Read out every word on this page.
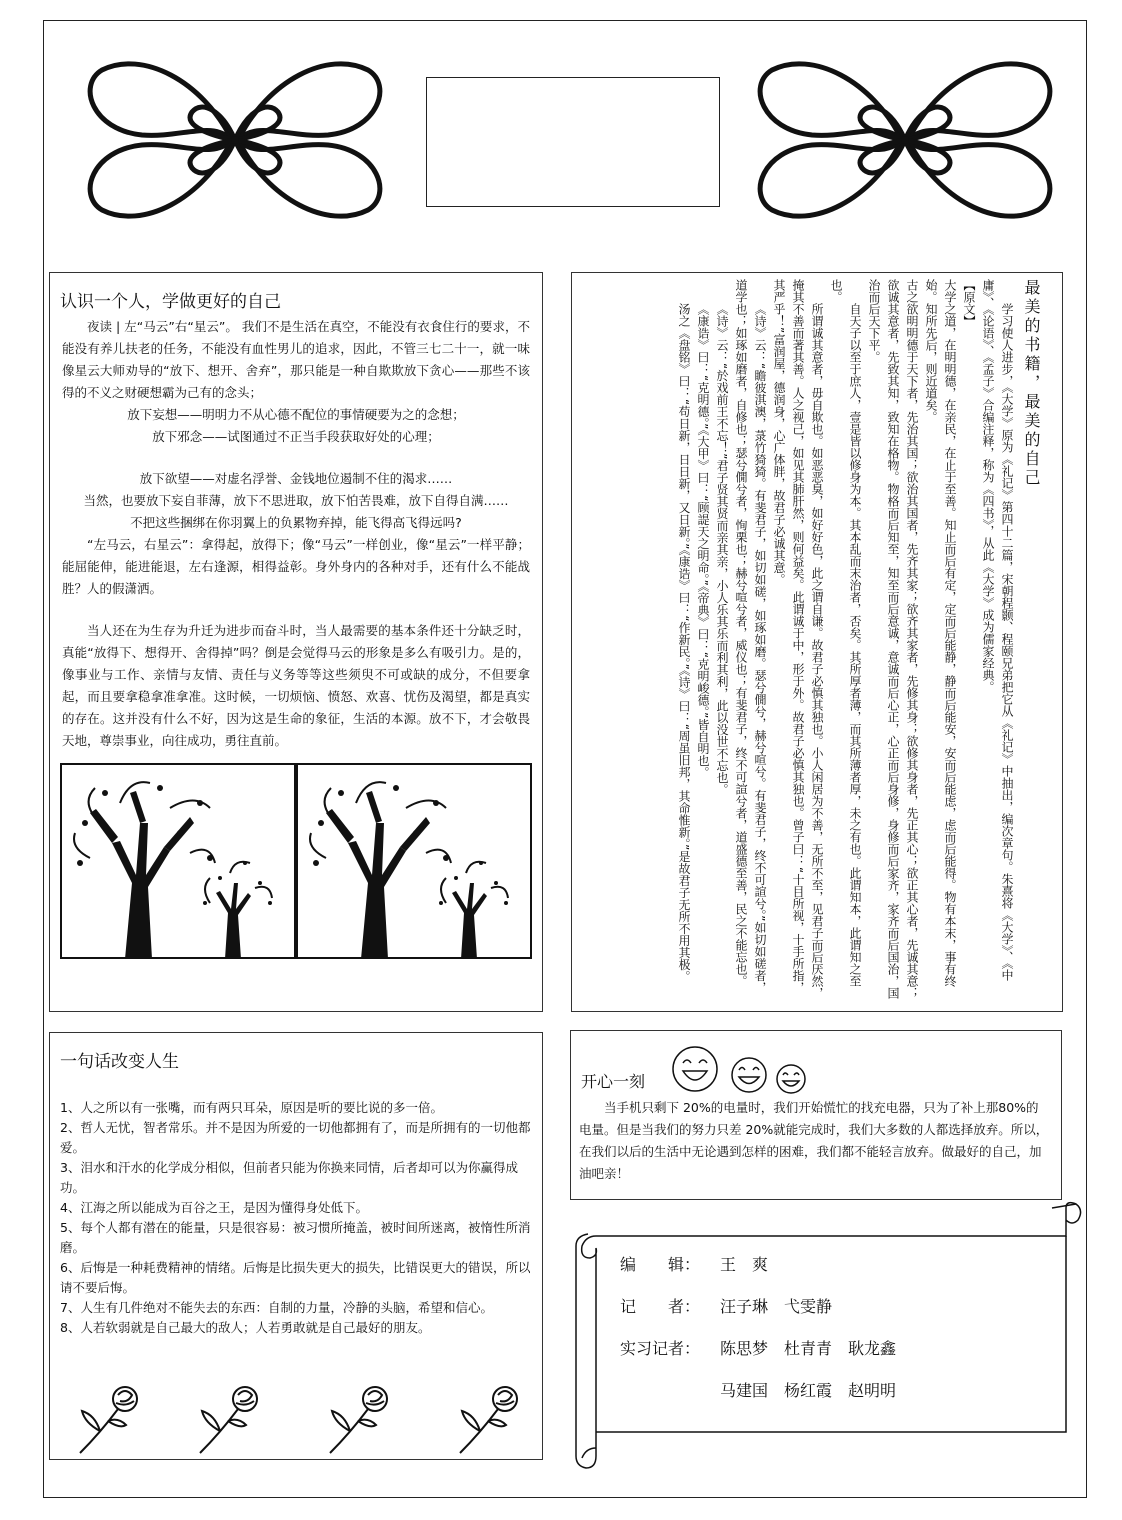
认识一个人，学做更好的自己

夜读 | 左“马云”右“星云”。 我们不是生活在真空，不能没有衣食住行的要求，不能没有养儿扶老的任务，不能没有血性男儿的追求，因此，不管三七二十一，就一味像星云大师劝导的“放下、想开、舍弃”，那只能是一种自欺欺放下贪心——那些不该得的不义之财硬想霸为己有的念头；

放下妄想——明明力不从心德不配位的事情硬要为之的念想；

放下邪念——试图通过不正当手段获取好处的心理；

放下欲望——对虚名浮誉、金钱地位遏制不住的渴求……

当然，也要放下妄自菲薄，放下不思进取，放下怕苦畏难，放下自得自满……

不把这些捆绑在你羽翼上的负累物弃掉，能飞得高飞得远吗?

“左马云，右星云”：拿得起，放得下；像“马云”一样创业，像“星云”一样平静；能屈能伸，能进能退，左右逢源，相得益彰。身外身内的各种对手，还有什么不能战胜？人的假潇洒。

当人还在为生存为升迁为进步而奋斗时，当人最需要的基本条件还十分缺乏时，真能“放得下、想得开、舍得掉”吗？倒是会觉得马云的形象是多么有吸引力。是的，像事业与工作、亲情与友情、责任与义务等等这些须臾不可或缺的成分，不但要拿起，而且要拿稳拿准拿准。这时候，一切烦恼、愤怒、欢喜、忧伤及渴望，都是真实的存在。这并没有什么不好，因为这是生命的象征，生活的本源。放不下，才会敬畏天地，尊崇事业，向往成功，勇往直前。

最美的书籍，最美的自己

学习使人进步，《大学》原为《礼记》第四十二篇，宋朝程颢、程颐兄弟把它从《礼记》中抽出，编次章句。朱熹将《大学》、《中庸》、《论语》、《孟子》合编注释，称为《四书》，从此《大学》成为儒家经典。

【原文】

大学之道，在明明德，在亲民，在止于至善。知止而后有定，定而后能静，静而后能安，安而后能虑，虑而后能得。物有本末，事有终始。知所先后，则近道矣。

古之欲明明德于天下者，先治其国；欲治其国者，先齐其家；欲齐其家者，先修其身；欲修其身者，先正其心；欲正其心者，先诚其意；欲诚其意者，先致其知，致知在格物。物格而后知至，知至而后意诚，意诚而后心正，心正而后身修，身修而后家齐，家齐而后国治，国治而后天下平。

自天子以至于庶人，壹是皆以修身为本。其本乱而末治者，否矣。其所厚者薄，而其所薄者厚，未之有也。此谓知本，此谓知之至也。

所谓诚其意者，毋自欺也。如恶恶臭，如好好色，此之谓自谦。故君子必慎其独也。小人闲居为不善，无所不至，见君子而后厌然，掩其不善而著其善。人之视己，如见其肺肝然，则何益矣。此谓诚于中，形于外。故君子必慎其独也。曾子曰：“十目所视，十手所指，其严乎！”富润屋，德润身，心广体胖，故君子必诚其意。

《诗》云：“瞻彼淇澳，菉竹猗猗。有斐君子，如切如磋，如琢如磨。瑟兮僩兮，赫兮喧兮。有斐君子，终不可諠兮。”如切如磋者，道学也；如琢如磨者，自修也；瑟兮僩兮者，恂栗也；赫兮喧兮者，威仪也；有斐君子，终不可諠兮者，道盛德至善，民之不能忘也。

《诗》云：“於戏前王不忘！”君子贤其贤而亲其亲，小人乐其乐而利其利，此以没世不忘也。

《康诰》曰：“克明德。”《大甲》曰：“顾諟天之明命。”《帝典》曰：“克明峻德。”皆自明也。

汤之《盘铭》曰：“苟日新，日日新，又日新。”《康诰》曰：“作新民。”《诗》曰：“周虽旧邦，其命惟新。”是故君子无所不用其极。

一句话改变人生
1、人之所以有一张嘴，而有两只耳朵，原因是听的要比说的多一倍。
2、哲人无忧，智者常乐。并不是因为所爱的一切他都拥有了，而是所拥有的一切他都爱。
3、泪水和汗水的化学成分相似，但前者只能为你换来同情，后者却可以为你赢得成功。
4、江海之所以能成为百谷之王，是因为懂得身处低下。
5、每个人都有潜在的能量，只是很容易：被习惯所掩盖，被时间所迷离，被惰性所消磨。
6、后悔是一种耗费精神的情绪。后悔是比损失更大的损失，比错误更大的错误，所以请不要后悔。
7、人生有几件绝对不能失去的东西：自制的力量，冷静的头脑，希望和信心。
8、人若软弱就是自己最大的敌人；人若勇敢就是自己最好的朋友。
开心一刻

当手机只剩下 20%的电量时，我们开始慌忙的找充电器，只为了补上那80%的电量。但是当我们的努力只差 20%就能完成时，我们大多数的人都选择放弃。所以，在我们以后的生活中无论遇到怎样的困难，我们都不能轻言放弃。做最好的自己，加油吧亲！

编　　辑：	王　爽
记　　者：	汪子琳　弋雯静
实习记者：	陈思梦　杜青青　耿龙鑫
马建国　杨红霞　赵明明
